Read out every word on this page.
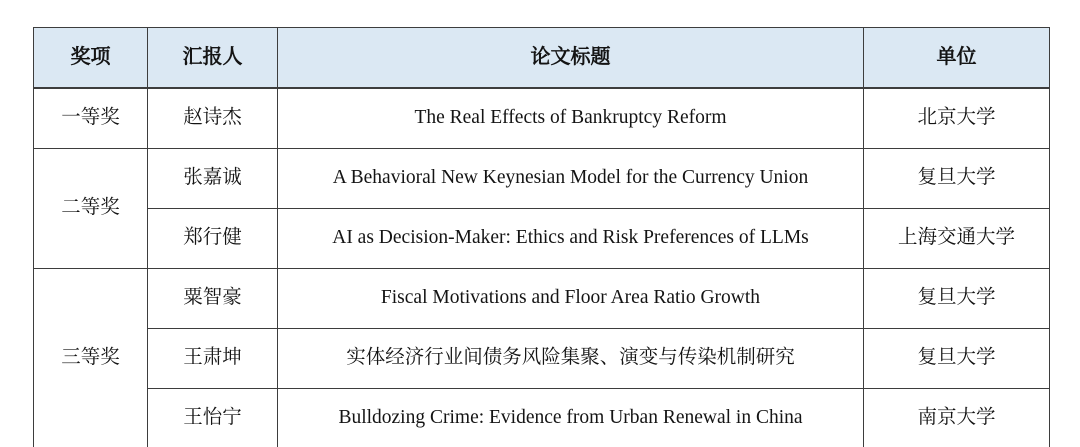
奖项	汇报人	论文标题	单位
一等奖	赵诗杰	The Real Effects of Bankruptcy Reform	北京大学
二等奖	张嘉诚	A Behavioral New Keynesian Model for the Currency Union	复旦大学
	郑行健	AI as Decision-Maker: Ethics and Risk Preferences of LLMs	上海交通大学
三等奖	粟智豪	Fiscal Motivations and Floor Area Ratio Growth	复旦大学
	王肃坤	实体经济行业间债务风险集聚、演变与传染机制研究	复旦大学
	王怡宁	Bulldozing Crime: Evidence from Urban Renewal in China	南京大学
